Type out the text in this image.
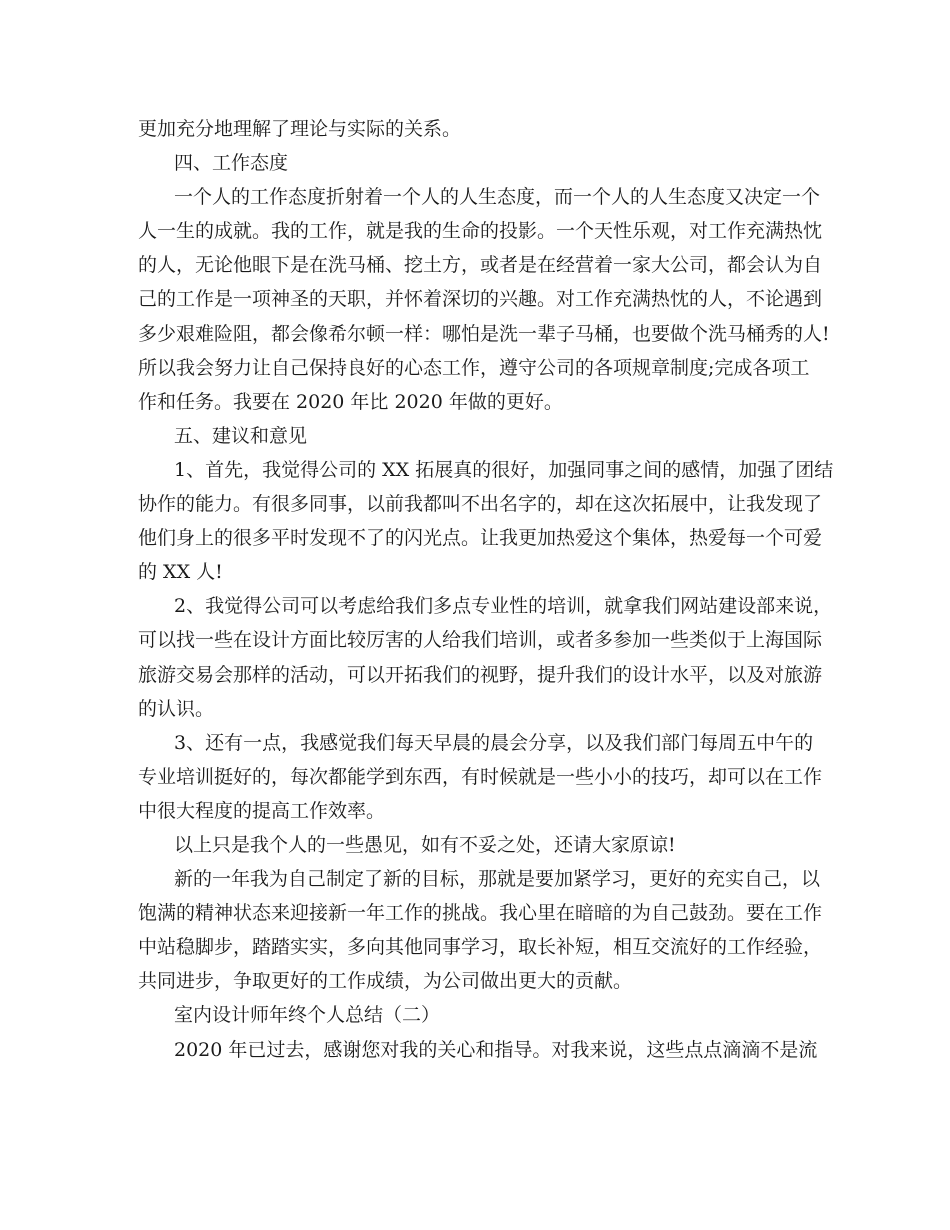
更加充分地理解了理论与实际的关系。
四、工作态度
一个人的工作态度折射着一个人的人生态度，而一个人的人生态度又决定一个
人一生的成就。我的工作，就是我的生命的投影。一个天性乐观，对工作充满热忱
的人，无论他眼下是在洗马桶、挖土方，或者是在经营着一家大公司，都会认为自
己的工作是一项神圣的天职，并怀着深切的兴趣。对工作充满热忱的人，不论遇到
多少艰难险阻，都会像希尔顿一样：哪怕是洗一辈子马桶，也要做个洗马桶秀的人!
所以我会努力让自己保持良好的心态工作，遵守公司的各项规章制度;完成各项工
作和任务。我要在 2020 年比 2020 年做的更好。
五、建议和意见
1、首先，我觉得公司的 XX 拓展真的很好，加强同事之间的感情，加强了团结
协作的能力。有很多同事，以前我都叫不出名字的，却在这次拓展中，让我发现了
他们身上的很多平时发现不了的闪光点。让我更加热爱这个集体，热爱每一个可爱
的 XX 人!
2、我觉得公司可以考虑给我们多点专业性的培训，就拿我们网站建设部来说，
可以找一些在设计方面比较厉害的人给我们培训，或者多参加一些类似于上海国际
旅游交易会那样的活动，可以开拓我们的视野，提升我们的设计水平，以及对旅游
的认识。
3、还有一点，我感觉我们每天早晨的晨会分享，以及我们部门每周五中午的
专业培训挺好的，每次都能学到东西，有时候就是一些小小的技巧，却可以在工作
中很大程度的提高工作效率。
以上只是我个人的一些愚见，如有不妥之处，还请大家原谅!
新的一年我为自己制定了新的目标，那就是要加紧学习，更好的充实自己，以
饱满的精神状态来迎接新一年工作的挑战。我心里在暗暗的为自己鼓劲。要在工作
中站稳脚步，踏踏实实，多向其他同事学习，取长补短，相互交流好的工作经验，
共同进步，争取更好的工作成绩，为公司做出更大的贡献。
室内设计师年终个人总结（二）
2020 年已过去，感谢您对我的关心和指导。对我来说，这些点点滴滴不是流
